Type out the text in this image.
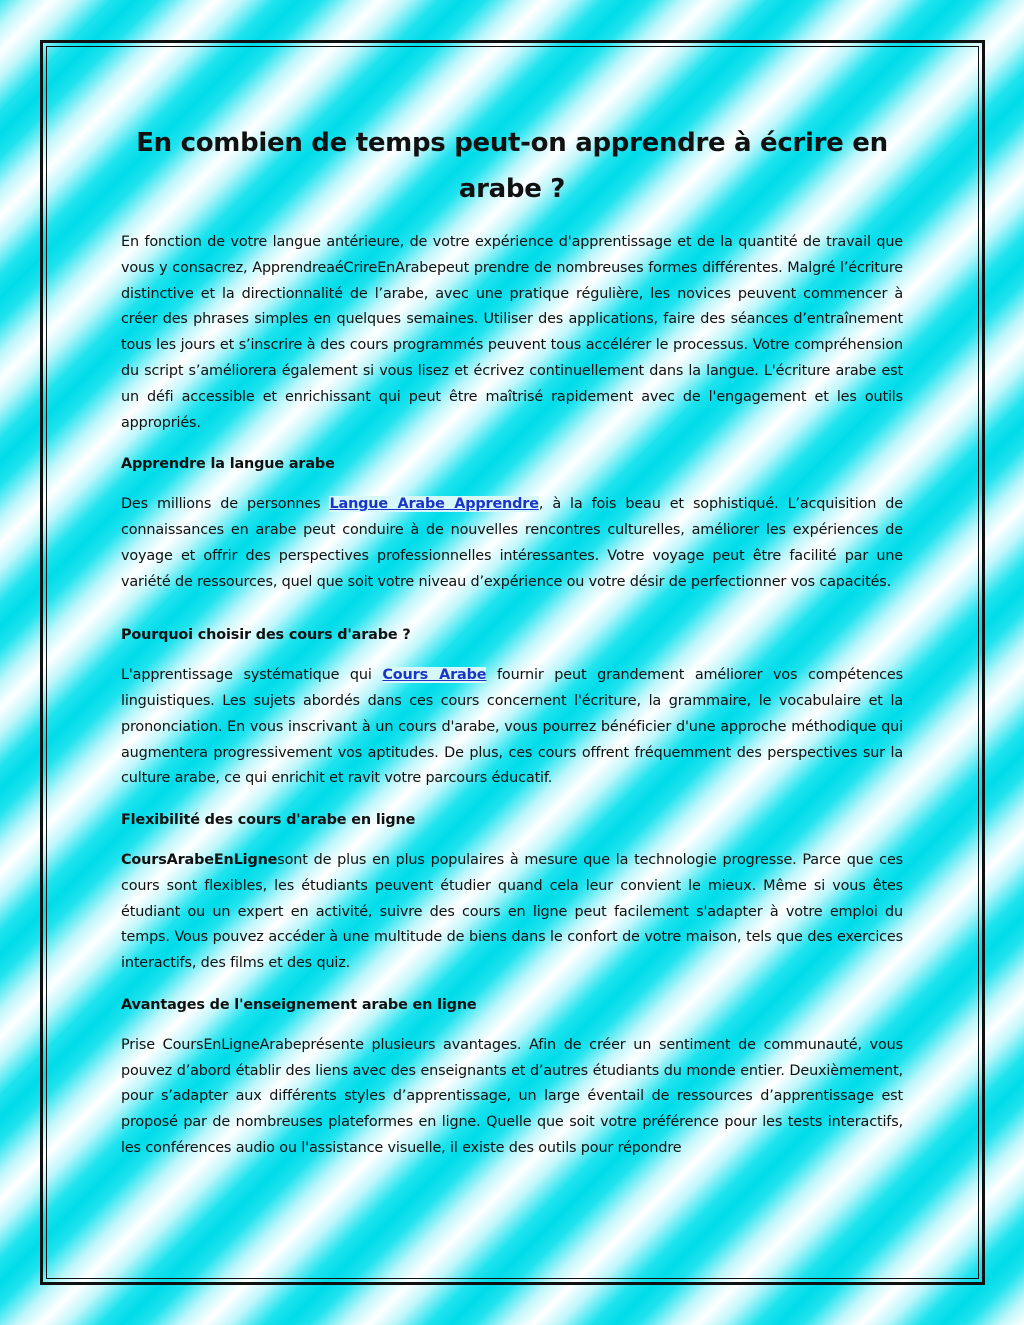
En combien de temps peut-on apprendre à écrire en arabe ?

En fonction de votre langue antérieure, de votre expérience d'apprentissage et de la quantité de travail que vous y consacrez, ApprendreaéCrireEnArabepeut prendre de nombreuses formes différentes. Malgré l’écriture distinctive et la directionnalité de l’arabe, avec une pratique régulière, les novices peuvent commencer à créer des phrases simples en quelques semaines. Utiliser des applications, faire des séances d’entraînement tous les jours et s’inscrire à des cours programmés peuvent tous accélérer le processus. Votre compréhension du script s’améliorera également si vous lisez et écrivez continuellement dans la langue. L'écriture arabe est un défi accessible et enrichissant qui peut être maîtrisé rapidement avec de l'engagement et les outils appropriés.

Apprendre la langue arabe

Des millions de personnes Langue Arabe Apprendre, à la fois beau et sophistiqué. L’acquisition de connaissances en arabe peut conduire à de nouvelles rencontres culturelles, améliorer les expériences de voyage et offrir des perspectives professionnelles intéressantes. Votre voyage peut être facilité par une variété de ressources, quel que soit votre niveau d’expérience ou votre désir de perfectionner vos capacités.

Pourquoi choisir des cours d'arabe ?

L'apprentissage systématique qui Cours Arabe fournir peut grandement améliorer vos compétences linguistiques. Les sujets abordés dans ces cours concernent l'écriture, la grammaire, le vocabulaire et la prononciation. En vous inscrivant à un cours d'arabe, vous pourrez bénéficier d'une approche méthodique qui augmentera progressivement vos aptitudes. De plus, ces cours offrent fréquemment des perspectives sur la culture arabe, ce qui enrichit et ravit votre parcours éducatif.

Flexibilité des cours d'arabe en ligne

CoursArabeEnLignesont de plus en plus populaires à mesure que la technologie progresse. Parce que ces cours sont flexibles, les étudiants peuvent étudier quand cela leur convient le mieux. Même si vous êtes étudiant ou un expert en activité, suivre des cours en ligne peut facilement s'adapter à votre emploi du temps. Vous pouvez accéder à une multitude de biens dans le confort de votre maison, tels que des exercices interactifs, des films et des quiz.

Avantages de l'enseignement arabe en ligne

Prise CoursEnLigneArabeprésente plusieurs avantages. Afin de créer un sentiment de communauté, vous pouvez d’abord établir des liens avec des enseignants et d’autres étudiants du monde entier. Deuxièmement, pour s’adapter aux différents styles d’apprentissage, un large éventail de ressources d’apprentissage est proposé par de nombreuses plateformes en ligne. Quelle que soit votre préférence pour les tests interactifs, les conférences audio ou l'assistance visuelle, il existe des outils pour répondre
